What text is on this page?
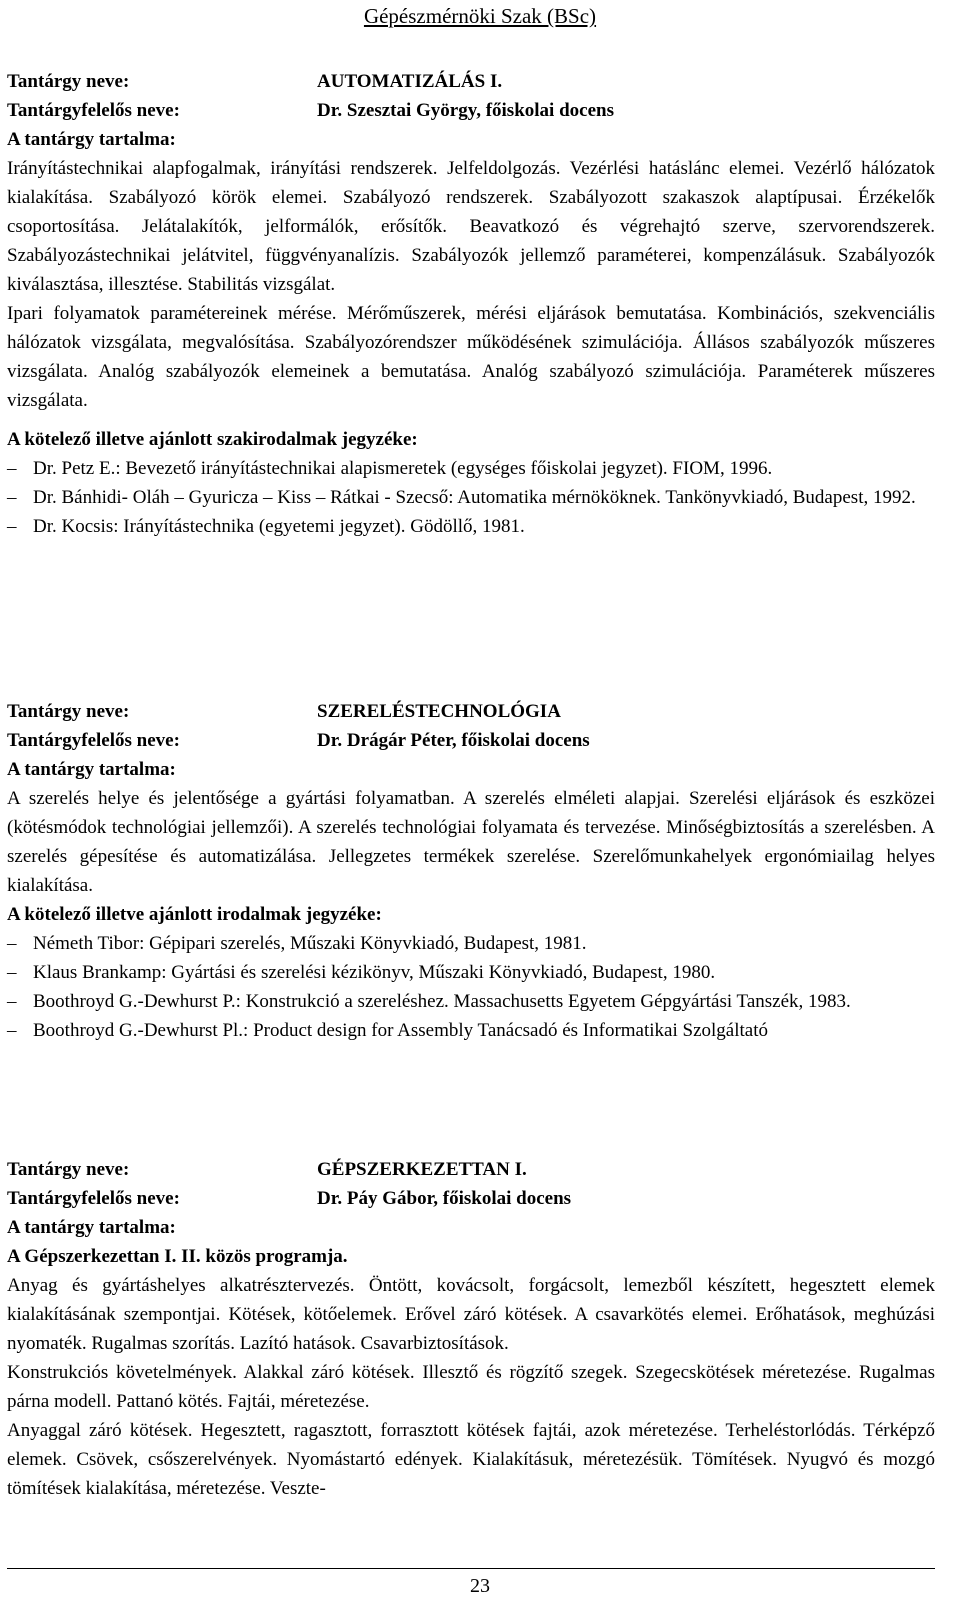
Gépészmérnöki Szak (BSc)
Tantárgy neve:	AUTOMATIZÁLÁS I.
Tantárgyfelelős neve:	Dr. Szesztai György, főiskolai docens
A tantárgy tartalma:

Irányítástechnikai alapfogalmak, irányítási rendszerek. Jelfeldolgozás. Vezérlési hatáslánc elemei. Vezérlő hálózatok kialakítása. Szabályozó körök elemei. Szabályozó rendszerek. Szabályozott szakaszok alaptípusai. Érzékelők csoportosítása. Jelátalakítók, jelformálók, erősítők. Beavatkozó és végrehajtó szerve, szervorendszerek. Szabályozástechnikai jelátvitel, függvényanalízis. Szabályozók jellemző paraméterei, kompenzálásuk. Szabályozók kiválasztása, illesztése. Stabilitás vizsgálat.

Ipari folyamatok paramétereinek mérése. Mérőműszerek, mérési eljárások bemutatása. Kombinációs, szekvenciális hálózatok vizsgálata, megvalósítása. Szabályozórendszer működésének szimulációja. Állásos szabályozók műszeres vizsgálata. Analóg szabályozók elemeinek a bemutatása. Analóg szabályozó szimulációja. Paraméterek műszeres vizsgálata.

A kötelező illetve ajánlott szakirodalmak jegyzéke:

– Dr. Petz E.: Bevezető irányítástechnikai alapismeretek (egységes főiskolai jegyzet). FIOM, 1996.
– Dr. Bánhidi- Oláh – Gyuricza – Kiss – Rátkai - Szecső: Automatika mérnököknek. Tankönyvkiadó, Budapest, 1992.
– Dr. Kocsis: Irányítástechnika (egyetemi jegyzet). Gödöllő, 1981.
Tantárgy neve:	SZERELÉSTECHNOLÓGIA
Tantárgyfelelős neve:	Dr. Drágár Péter, főiskolai docens
A tantárgy tartalma:

A szerelés helye és jelentősége a gyártási folyamatban. A szerelés elméleti alapjai. Szerelési eljárások és eszközei (kötésmódok technológiai jellemzői). A szerelés technológiai folyamata és tervezése. Minőségbiztosítás a szerelésben. A szerelés gépesítése és automatizálása. Jellegzetes termékek szerelése. Szerelőmunkahelyek ergonómiailag helyes kialakítása.

A kötelező illetve ajánlott irodalmak jegyzéke:

– Németh Tibor: Gépipari szerelés, Műszaki Könyvkiadó, Budapest, 1981.
– Klaus Brankamp: Gyártási és szerelési kézikönyv, Műszaki Könyvkiadó, Budapest, 1980.
– Boothroyd G.-Dewhurst P.: Konstrukció a szereléshez. Massachusetts Egyetem Gépgyártási Tanszék, 1983.
– Boothroyd G.-Dewhurst Pl.: Product design for Assembly Tanácsadó és Informatikai Szolgáltató
Tantárgy neve:	GÉPSZERKEZETTAN I.
Tantárgyfelelős neve:	Dr. Páy Gábor, főiskolai docens
A tantárgy tartalma:

A Gépszerkezettan I. II. közös programja.

Anyag és gyártáshelyes alkatrésztervezés. Öntött, kovácsolt, forgácsolt, lemezből készített, hegesztett elemek kialakításának szempontjai. Kötések, kötőelemek. Erővel záró kötések. A csavarkötés elemei. Erőhatások, meghúzási nyomaték. Rugalmas szorítás. Lazító hatások. Csavarbiztosítások.

Konstrukciós követelmények. Alakkal záró kötések. Illesztő és rögzítő szegek. Szegecskötések méretezése. Rugalmas párna modell. Pattanó kötés. Fajtái, méretezése.

Anyaggal záró kötések. Hegesztett, ragasztott, forrasztott kötések fajtái, azok méretezése. Terheléstorlódás. Térképző elemek. Csövek, csőszerelvények. Nyomástartó edények. Kialakításuk, méretezésük. Tömítések. Nyugvó és mozgó tömítések kialakítása, méretezése. Veszte-

23
